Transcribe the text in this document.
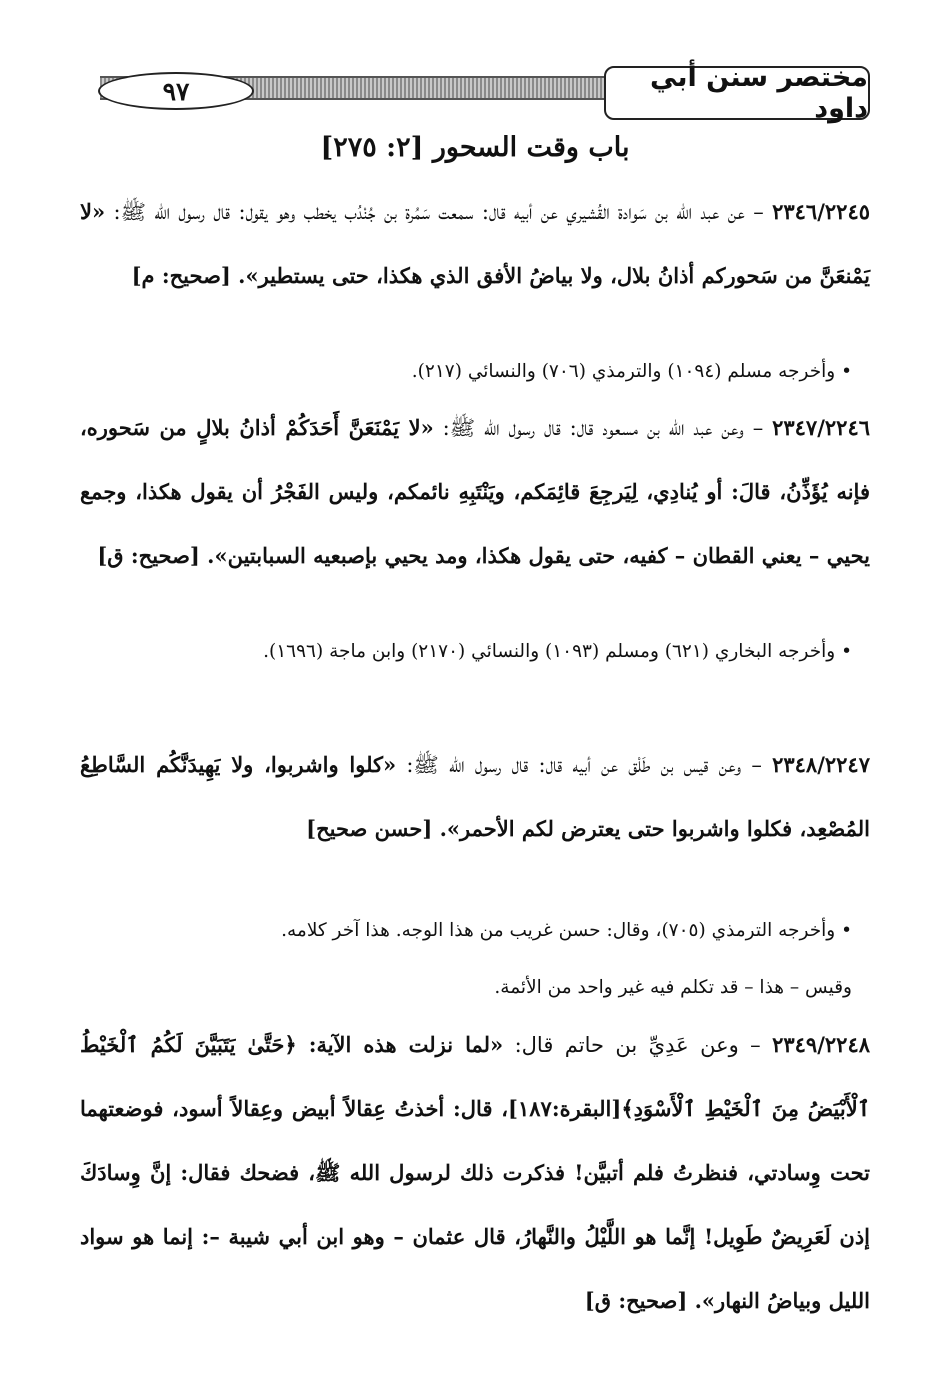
مختصر سنن أبي داود
٩٧
باب وقت السحور [٢: ٢٧٥]
٢٣٤٦/٢٢٤٥ – عن عبد الله بن سَوادة القُشيري عن أبيه قال: سمعت سَمُرة بن جُنْدُب يخطب وهو يقول: قال رسول الله ﷺ: «لا يَمْنعَنَّ من سَحوركم أذانُ بلال، ولا بياضُ الأفق الذي هكذا، حتى يستطير». [صحيح: م]
• وأخرجه مسلم (١٠٩٤) والترمذي (٧٠٦) والنسائي (٢١٧).
٢٣٤٧/٢٢٤٦ – وعن عبد الله بن مسعود قال: قال رسول الله ﷺ: «لا يَمْنَعَنَّ أَحَدَكُمْ أذانُ بلالٍ من سَحوره، فإنه يُؤَذِّنُ، قالَ: أو يُنادِي، لِيَرجِعَ قائِمَكم، ويَنْتَبِهِ نائمكم، وليس الفَجْرُ أن يقول هكذا، وجمع يحيي – يعني القطان – كفيه، حتى يقول هكذا، ومد يحيي بإصبعيه السبابتين». [صحيح: ق]
• وأخرجه البخاري (٦٢١) ومسلم (١٠٩٣) والنسائي (٢١٧٠) وابن ماجة (١٦٩٦).
٢٣٤٨/٢٢٤٧ – وعن قيس بن طَلْق عن أبيه قال: قال رسول الله ﷺ: «كلوا واشربوا، ولا يَهِيدَنَّكُم السَّاطِعُ المُصْعِد، فكلوا واشربوا حتى يعترض لكم الأحمر». [حسن صحيح]
• وأخرجه الترمذي (٧٠٥)، وقال: حسن غريب من هذا الوجه. هذا آخر كلامه.
وقيس – هذا – قد تكلم فيه غير واحد من الأئمة.
٢٣٤٩/٢٢٤٨ – وعن عَدِيِّ بن حاتم قال: «لما نزلت هذه الآية: ﴿حَتَّىٰ يَتَبَيَّنَ لَكُمُ ٱلْخَيْطُ ٱلْأَبْيَضُ مِنَ ٱلْخَيْطِ ٱلْأَسْوَدِ﴾[البقرة:١٨٧]، قال: أخذتُ عِقالاً أبيض وعِقالاً أسود، فوضعتهما تحت وِسادتي، فنظرتُ فلم أتبيَّن! فذكرت ذلك لرسول الله ﷺ، فضحك فقال: إنَّ وِسادَكَ إذن لَعَرِيضٌ طَوِيل! إنَّما هو اللَّيْلُ والنَّهارُ، قال عثمان – وهو ابن أبي شيبة –: إنما هو سواد الليل وبياضُ النهار». [صحيح: ق]
